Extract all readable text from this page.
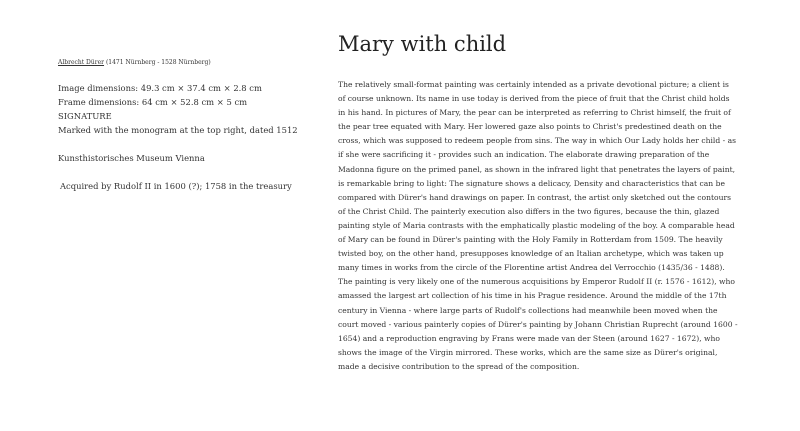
Albrecht Dürer (1471 Nürnberg - 1528 Nürnberg)
Image dimensions: 49.3 cm × 37.4 cm × 2.8 cm
Frame dimensions: 64 cm × 52.8 cm × 5 cm
SIGNATURE
Marked with the monogram at the top right, dated 1512
Kunsthistorisches Museum Vienna
Acquired by Rudolf II in 1600 (?); 1758 in the treasury
Mary with child
The relatively small-format painting was certainly intended as a private devotional picture; a client is of course unknown. Its name in use today is derived from the piece of fruit that the Christ child holds in his hand. In pictures of Mary, the pear can be interpreted as referring to Christ himself, the fruit of the pear tree equated with Mary. Her lowered gaze also points to Christ's predestined death on the cross, which was supposed to redeem people from sins. The way in which Our Lady holds her child - as if she were sacrificing it - provides such an indication. The elaborate drawing preparation of the Madonna figure on the primed panel, as shown in the infrared light that penetrates the layers of paint, is remarkable bring to light: The signature shows a delicacy, Density and characteristics that can be compared with Dürer's hand drawings on paper. In contrast, the artist only sketched out the contours of the Christ Child. The painterly execution also differs in the two figures, because the thin, glazed painting style of Maria contrasts with the emphatically plastic modeling of the boy. A comparable head of Mary can be found in Dürer's painting with the Holy Family in Rotterdam from 1509. The heavily twisted boy, on the other hand, presupposes knowledge of an Italian archetype, which was taken up many times in works from the circle of the Florentine artist Andrea del Verrocchio (1435/36 - 1488). The painting is very likely one of the numerous acquisitions by Emperor Rudolf II (r. 1576 - 1612), who amassed the largest art collection of his time in his Prague residence. Around the middle of the 17th century in Vienna - where large parts of Rudolf's collections had meanwhile been moved when the court moved - various painterly copies of Dürer's painting by Johann Christian Ruprecht (around 1600 - 1654) and a reproduction engraving by Frans were made van der Steen (around 1627 - 1672), who shows the image of the Virgin mirrored. These works, which are the same size as Dürer's original, made a decisive contribution to the spread of the composition.
